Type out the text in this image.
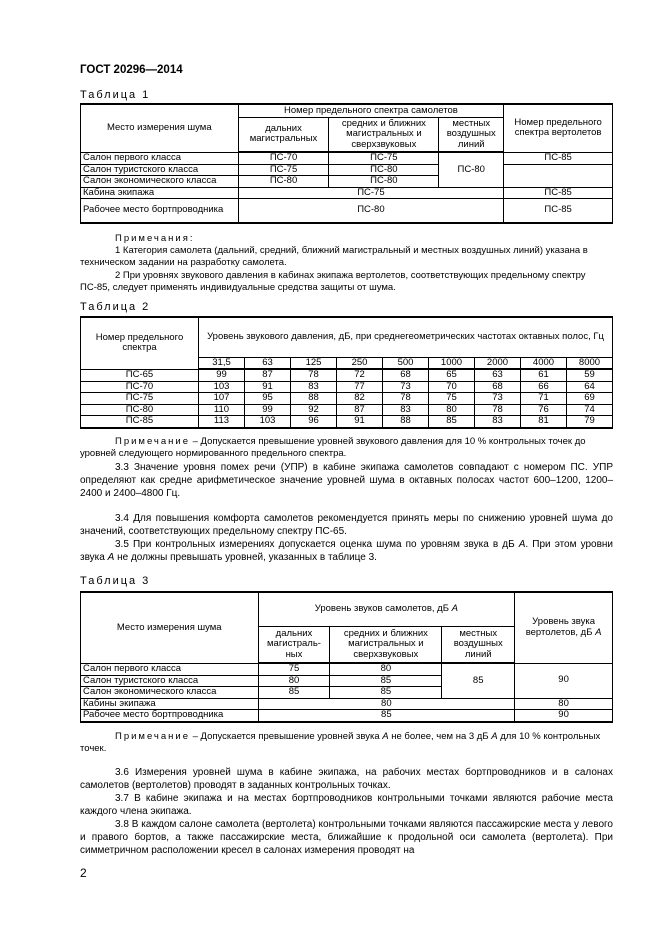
ГОСТ 20296—2014
Таблица 1
Место измерения шума	Номер предельного спектра самолетов			Номер предельного спектра вертолетов
	дальних магистральных	средних и ближних магистральных и сверхзвуковых	местных воздушных линий	
Салон первого класса	ПС-70	ПС-75	ПС-80	ПС-85
Салон туристского класса	ПС-75	ПС-80		
Салон экономического класса	ПС-80	ПС-80		
Кабина экипажа	ПС-75			ПС-85
Рабочее место бортпроводника	ПС-80			ПС-85
Примечания:
1 Категория самолета (дальний, средний, ближний магистральный и местных воздушных линий) указана в техническом задании на разработку самолета.
2 При уровнях звукового давления в кабинах экипажа вертолетов, соответствующих предельному спектру ПС-85, следует применять индивидуальные средства защиты от шума.
Таблица 2
Номер предельного спектра	Уровень звукового давления, дБ, при среднегеометрических частотах октавных полос, Гц								
	31,5	63	125	250	500	1000	2000	4000	8000
ПС-65	99	87	78	72	68	65	63	61	59
ПС-70	103	91	83	77	73	70	68	66	64
ПС-75	107	95	88	82	78	75	73	71	69
ПС-80	110	99	92	87	83	80	78	76	74
ПС-85	113	103	96	91	88	85	83	81	79
Примечание – Допускается превышение уровней звукового давления для 10 % контрольных точек до уровней следующего нормированного предельного спектра.
3.3 Значение уровня помех речи (УПР) в кабине экипажа самолетов совпадают с номером ПС. УПР определяют как средне арифметическое значение уровней шума в октавных полосах частот 600–1200, 1200–2400 и 2400–4800 Гц.
3.4 Для повышения комфорта самолетов рекомендуется принять меры по снижению уровней шума до значений, соответствующих предельному спектру ПС-65.
3.5 При контрольных измерениях допускается оценка шума по уровням звука в дБ А. При этом уровни звука А не должны превышать уровней, указанных в таблице 3.
Таблица 3
Место измерения шума	Уровень звуков самолетов, дБ А			Уровень звука вертолетов, дБ А
	дальних магистраль-ных	средних и ближних магистральных и сверхзвуковых	местных воздушных линий	
Салон первого класса	75	80	85	90
Салон туристского класса	80	85		
Салон экономического класса	85	85		
Кабины экипажа	80			80
Рабочее место бортпроводника	85			90
Примечание – Допускается превышение уровней звука А не более, чем на 3 дБ А для 10 % контрольных точек.
3.6 Измерения уровней шума в кабине экипажа, на рабочих местах бортпроводников и в салонах самолетов (вертолетов) проводят в заданных контрольных точках.
3.7 В кабине экипажа и на местах бортпроводников контрольными точками являются рабочие места каждого члена экипажа.
3.8 В каждом салоне самолета (вертолета) контрольными точками являются пассажирские места у левого и правого бортов, а также пассажирские места, ближайшие к продольной оси самолета (вертолета). При симметричном расположении кресел в салонах измерения проводят на
2
